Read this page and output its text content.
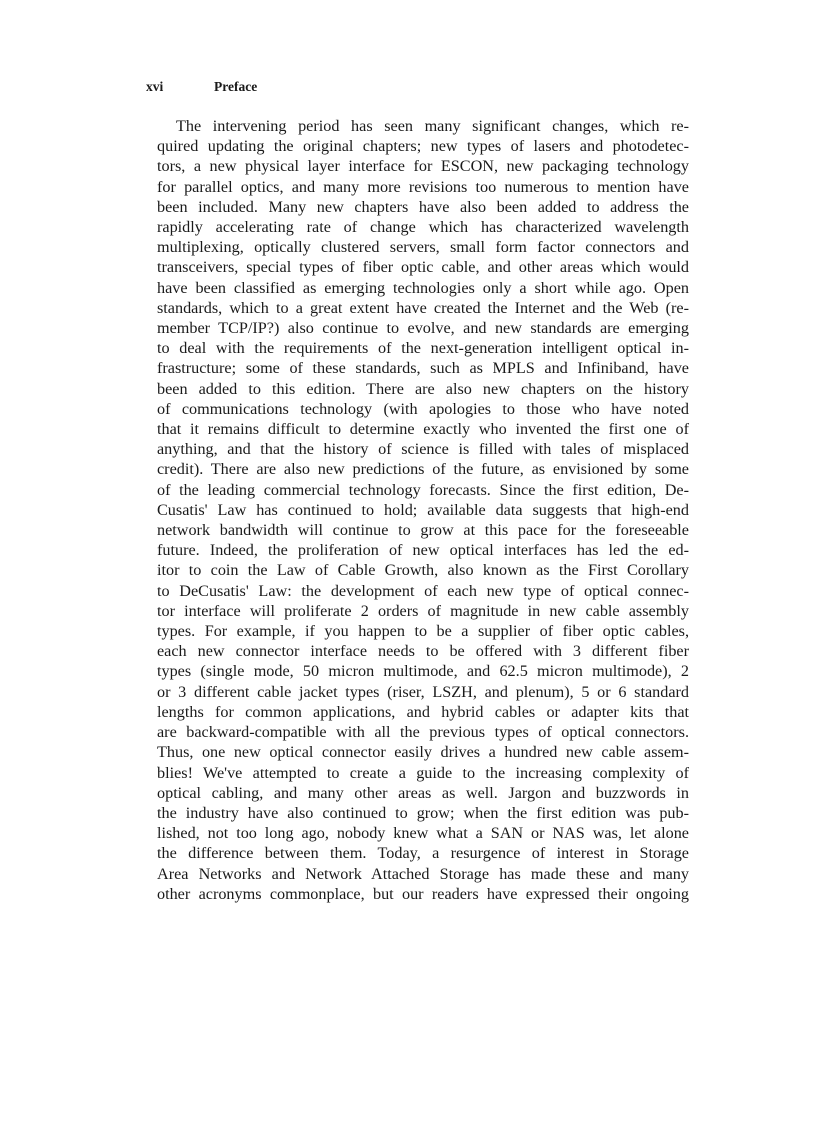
xvi	Preface
The intervening period has seen many significant changes, which re-
quired updating the original chapters; new types of lasers and photodetec-
tors, a new physical layer interface for ESCON, new packaging technology
for parallel optics, and many more revisions too numerous to mention have
been included. Many new chapters have also been added to address the
rapidly accelerating rate of change which has characterized wavelength
multiplexing, optically clustered servers, small form factor connectors and
transceivers, special types of fiber optic cable, and other areas which would
have been classified as emerging technologies only a short while ago. Open
standards, which to a great extent have created the Internet and the Web (re-
member TCP/IP?) also continue to evolve, and new standards are emerging
to deal with the requirements of the next-generation intelligent optical in-
frastructure; some of these standards, such as MPLS and Infiniband, have
been added to this edition. There are also new chapters on the history
of communications technology (with apologies to those who have noted
that it remains difficult to determine exactly who invented the first one of
anything, and that the history of science is filled with tales of misplaced
credit). There are also new predictions of the future, as envisioned by some
of the leading commercial technology forecasts. Since the first edition, De-
Cusatis' Law has continued to hold; available data suggests that high-end
network bandwidth will continue to grow at this pace for the foreseeable
future. Indeed, the proliferation of new optical interfaces has led the ed-
itor to coin the Law of Cable Growth, also known as the First Corollary
to DeCusatis' Law: the development of each new type of optical connec-
tor interface will proliferate 2 orders of magnitude in new cable assembly
types. For example, if you happen to be a supplier of fiber optic cables,
each new connector interface needs to be offered with 3 different fiber
types (single mode, 50 micron multimode, and 62.5 micron multimode), 2
or 3 different cable jacket types (riser, LSZH, and plenum), 5 or 6 standard
lengths for common applications, and hybrid cables or adapter kits that
are backward-compatible with all the previous types of optical connectors.
Thus, one new optical connector easily drives a hundred new cable assem-
blies! We've attempted to create a guide to the increasing complexity of
optical cabling, and many other areas as well. Jargon and buzzwords in
the industry have also continued to grow; when the first edition was pub-
lished, not too long ago, nobody knew what a SAN or NAS was, let alone
the difference between them. Today, a resurgence of interest in Storage
Area Networks and Network Attached Storage has made these and many
other acronyms commonplace, but our readers have expressed their ongoing
